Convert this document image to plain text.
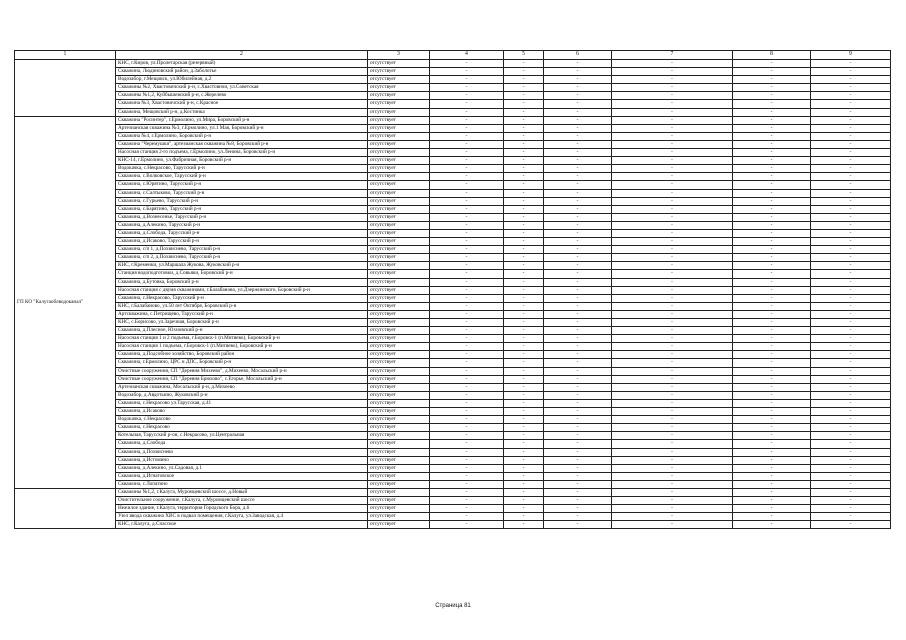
1	2	3	4	5	6	7	8	9
	КНС, г.Киров, ул.Пролетарская (резервный)	отсутствует	-	-	-	-	-	-
	Скважина, Людиновский район, д.Заболотье	отсутствует	-	-	-	-	-	-
	Водозабор, г.Мещовск, ул.Юбилейная, д.2	отсутствует	-	-	-	-	-	-
	Скважины №2, Хвастовичский р-н, с.Хвастовичи, ул.Советская	отсутствует	-	-	-	-	-	-
	Скважины №1,2, Куйбышевский р-н, с.Жерелево	отсутствует	-	-	-	-	-	-
	Скважина №3, Хвастовичский р-н, с.Красное	отсутствует	-	-	-	-	-	-
	Скважина, Мещовский р-н, д.Костинка	отсутствует	-	-	-	-	-	-
ГП КО "Калугаоблводоканал"	Скважина "Росинтер", г.Ермолино, ул.Мира, Боровский р-н	отсутствует	-	-	-	-	-	-
	Артезианская скважина №3, г.Ермолино, ул.1 Мая, Боровский р-н	отсутствует	-	-	-	-	-	-
	Скважина №4, г.Ермолино, Боровский р-н	отсутствует	-	-	-	-	-	-
	Скважина "Черемушки", артезианская скважина №8, Боровский р-н	отсутствует	-	-	-	-	-	-
	Насосная станция 2-го подъема, г.Ермолино, ул.Ленина, Боровский р-н	отсутствует	-	-	-	-	-	-
	КНС-14, г.Ермолино, ул.Фабричная, Боровский р-н	отсутствует	-	-	-	-	-	-
	Водокачка, с.Некрасово, Тарусский р-н	отсутствует	-	-	-	-	-	-
	Скважина, с.Волковское, Тарусский р-н	отсутствует	-	-	-	-	-	-
	Скважина, с.Юрятино, Тарусский р-н	отсутствует	-	-	-	-	-	-
	Скважина, с.Салтыково, Тарусский р-н	отсутствует	-	-	-	-	-	-
	Скважина, с.Гурьево, Тарусский р-н	отсутствует	-	-	-	-	-	-
	Скважина, с.Барятино, Тарусский р-н	отсутствует	-	-	-	-	-	-
	Скважина, д.Вознесенье, Тарусский р-н	отсутствует	-	-	-	-	-	-
	Скважина, д.Алекино, Тарусский р-н	отсутствует	-	-	-	-	-	-
	Скважина, д.Слобода, Тарусский р-н	отсутствует	-	-	-	-	-	-
	Скважина, д.Исаково, Тарусский р-н	отсутствует	-	-	-	-	-	-
	Скважина, с/п 1, д.Похвиснево, Тарусский р-н	отсутствует	-	-	-	-	-	-
	Скважина, с/п 2, д.Похвиснево, Тарусский р-н	отсутствует	-	-	-	-	-	-
	КНС, г.Кременки, ул.Маршала Жукова, Жуковский р-н	отсутствует	-	-	-	-	-	-
	Станция водоподготовки, д.Совьяки, Боровский р-н	отсутствует	-	-	-	-	-	-
	Скважина, д.Бутовка, Боровский р-н	отсутствует	-	-	-	-	-	-
	Насосная станция с двумя скважинами, г.Балабаново, ул.Дзержинского, Боровский р-н	отсутствует	-	-	-	-	-	-
	Скважина, с.Некрасово, Тарусский р-н	отсутствует	-	-	-	-	-	-
	КНС, г.Балабаново, ул.50 лет Октября, Боровский р-н	отсутствует	-	-	-	-	-	-
	Артскважина, с.Петрищево, Тарусский р-н	отсутствует	-	-	-	-	-	-
	КНС, с.Борисово, ул.Заречная, Боровский р-н	отсутствует	-	-	-	-	-	-
	Скважина, д.Плесное, Юхновский р-н	отсутствует	-	-	-	-	-	-
	Насосная станция 1 и 2 подъема, г.Боровск-1 (п.Митяево), Боровский р-н	отсутствует	-	-	-	-	-	-
	Насосная станция 1 подъема, г.Боровск-1 (п.Митяево), Боровский р-н	отсутствует	-	-	-	-	-	-
	Скважина, д.Подсобное хозяйство, Боровский район	отсутствует	-	-	-	-	-	-
	Скважина, г.Ермолино, ЦРС и ДПС, Боровский р-н	отсутствует	-	-	-	-	-	-
	Очистные сооружения, СП "Деревня Михеево", д.Михеево, Мосальский р-н	отсутствует	-	-	-	-	-	-
	Очистные сооружения, СП "Деревня Брюхово", с.Егорье, Мосальский р-н	отсутствует	-	-	-	-	-	-
	Артезианская скважина, Мосальский р-н, д.Михеево	отсутствует	-	-	-	-	-	-
	Водозабор, д.Авдотьино, Жуковский р-н	отсутствует	-	-	-	-	-	-
	Скважина, с.Некрасово ул.Тарусская, д.41	отсутствует	-	-	-	-	-	-
	Скважина, д.Исаково	отсутствует	-	-	-	-	-	-
	Водокачка, с.Некрасово	отсутствует	-	-	-	-	-	-
	Скважина, с.Некрасово	отсутствует	-	-	-	-	-	-
	Котельная, Тарусский р-он, с.Некрасово, ул.Центральная	отсутствует	-	-	-	-	-	-
	Скважина, д.Слобода	отсутствует	-	-	-	-	-	-
	Скважина, д.Похвиснево	отсутствует	-	-	-	-	-	-
	Скважина, д.Истомино	отсутствует	-	-	-	-	-	-
	Скважина, д.Алекино, ул.Садовая, д.1	отсутствует	-	-	-	-	-	-
	Скважина, д.Игнатовское	отсутствует	-	-	-	-	-	-
	Скважина, с.Лопатино	отсутствует	-	-	-	-	-	-
	Скважины №1,2, г.Калуга, Муромцевский шоссе, д.Новый	отсутствует	-	-	-	-	-	-
	Очистительное сооружение, г.Калуга, с.Муромцевский шоссе	отсутствует	-	-	-	-	-	-
	Нежилое здание, г.Калуга, территория Городского Бора, д.6	отсутствует	-	-	-	-	-	-
	Узел ввода скважина ХВС в подвал помещения, г.Калуга, ул.Заводская, д.4	отсутствует	-	-	-	-	-	-
	КНС, г.Калуга, д.Спасское	отсутствует	-	-	-	-	-	-
Страница 81
